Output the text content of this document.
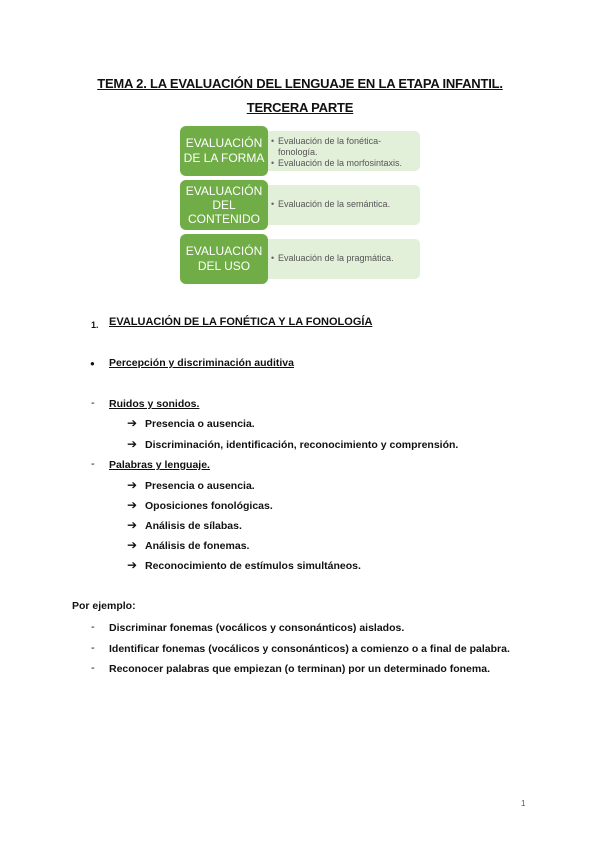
TEMA 2. LA EVALUACIÓN DEL LENGUAJE EN LA ETAPA INFANTIL.
TERCERA PARTE
• Evaluación de la fonética-fonología.
• Evaluación de la morfosintaxis.
EVALUACIÓN
DE LA FORMA
• Evaluación de la semántica.
EVALUACIÓN
DEL
CONTENIDO
• Evaluación de la pragmática.
EVALUACIÓN
DEL USO
1. EVALUACIÓN DE LA FONÉTICA Y LA FONOLOGÍA
● Percepción y discriminación auditiva
- Ruidos y sonidos.
➔ Presencia o ausencia.
➔ Discriminación, identificación, reconocimiento y comprensión.
- Palabras y lenguaje.
➔ Presencia o ausencia.
➔ Oposiciones fonológicas.
➔ Análisis de sílabas.
➔ Análisis de fonemas.
➔ Reconocimiento de estímulos simultáneos.
Por ejemplo:
- Discriminar fonemas (vocálicos y consonánticos) aislados.
- Identificar fonemas (vocálicos y consonánticos) a comienzo o a final de palabra.
- Reconocer palabras que empiezan (o terminan) por un determinado fonema.
1
